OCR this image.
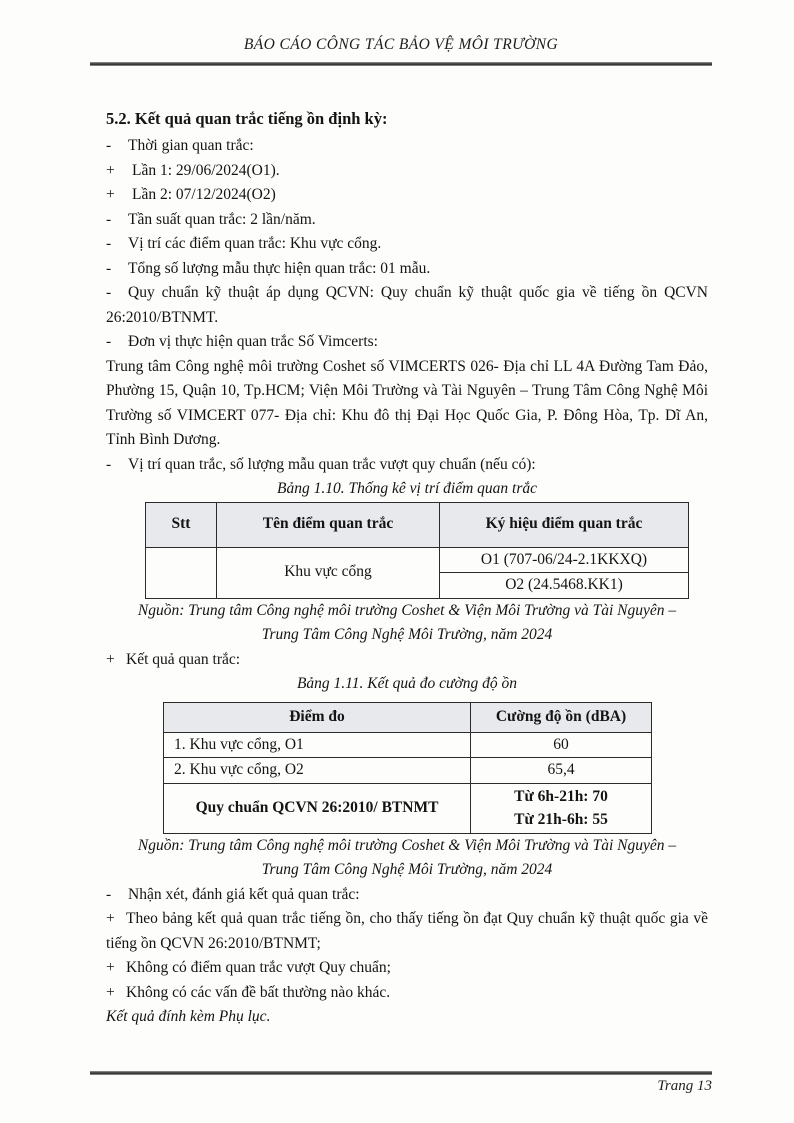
BÁO CÁO CÔNG TÁC BẢO VỆ MÔI TRƯỜNG

5.2. Kết quả quan trắc tiếng ồn định kỳ:

- Thời gian quan trắc:

+ Lần 1: 29/06/2024(O1).

+ Lần 2: 07/12/2024(O2)

- Tần suất quan trắc: 2 lần/năm.

- Vị trí các điểm quan trắc: Khu vực cổng.

- Tổng số lượng mẫu thực hiện quan trắc: 01 mẫu.

- Quy chuẩn kỹ thuật áp dụng QCVN: Quy chuẩn kỹ thuật quốc gia về tiếng ồn QCVN 26:2010/BTNMT.

- Đơn vị thực hiện quan trắc Số Vimcerts:

Trung tâm Công nghệ môi trường Coshet số VIMCERTS 026- Địa chỉ LL 4A Đường Tam Đảo, Phường 15, Quận 10, Tp.HCM; Viện Môi Trường và Tài Nguyên – Trung Tâm Công Nghệ Môi Trường số VIMCERT 077- Địa chỉ: Khu đô thị Đại Học Quốc Gia, P. Đông Hòa, Tp. Dĩ An, Tỉnh Bình Dương.

- Vị trí quan trắc, số lượng mẫu quan trắc vượt quy chuẩn (nếu có):

Bảng 1.10. Thống kê vị trí điểm quan trắc

Stt	Tên điểm quan trắc	Ký hiệu điểm quan trắc
	Khu vực cổng	O1 (707-06/24-2.1KKXQ)
		O2 (24.5468.KK1)
Nguồn: Trung tâm Công nghệ môi trường Coshet & Viện Môi Trường và Tài Nguyên –
Trung Tâm Công Nghệ Môi Trường, năm 2024

+ Kết quả quan trắc:

Bảng 1.11. Kết quả đo cường độ ồn

Điểm đo	Cường độ ồn (dBA)
1. Khu vực cổng, O1	60
2. Khu vực cổng, O2	65,4
Quy chuẩn QCVN 26:2010/ BTNMT	Từ 6h-21h: 70
Từ 21h-6h: 55
Nguồn: Trung tâm Công nghệ môi trường Coshet & Viện Môi Trường và Tài Nguyên –
Trung Tâm Công Nghệ Môi Trường, năm 2024

- Nhận xét, đánh giá kết quả quan trắc:

+ Theo bảng kết quả quan trắc tiếng ồn, cho thấy tiếng ồn đạt Quy chuẩn kỹ thuật quốc gia về tiếng ồn QCVN 26:2010/BTNMT;

+ Không có điểm quan trắc vượt Quy chuẩn;

+ Không có các vấn đề bất thường nào khác.

Kết quả đính kèm Phụ lục.

Trang 13
